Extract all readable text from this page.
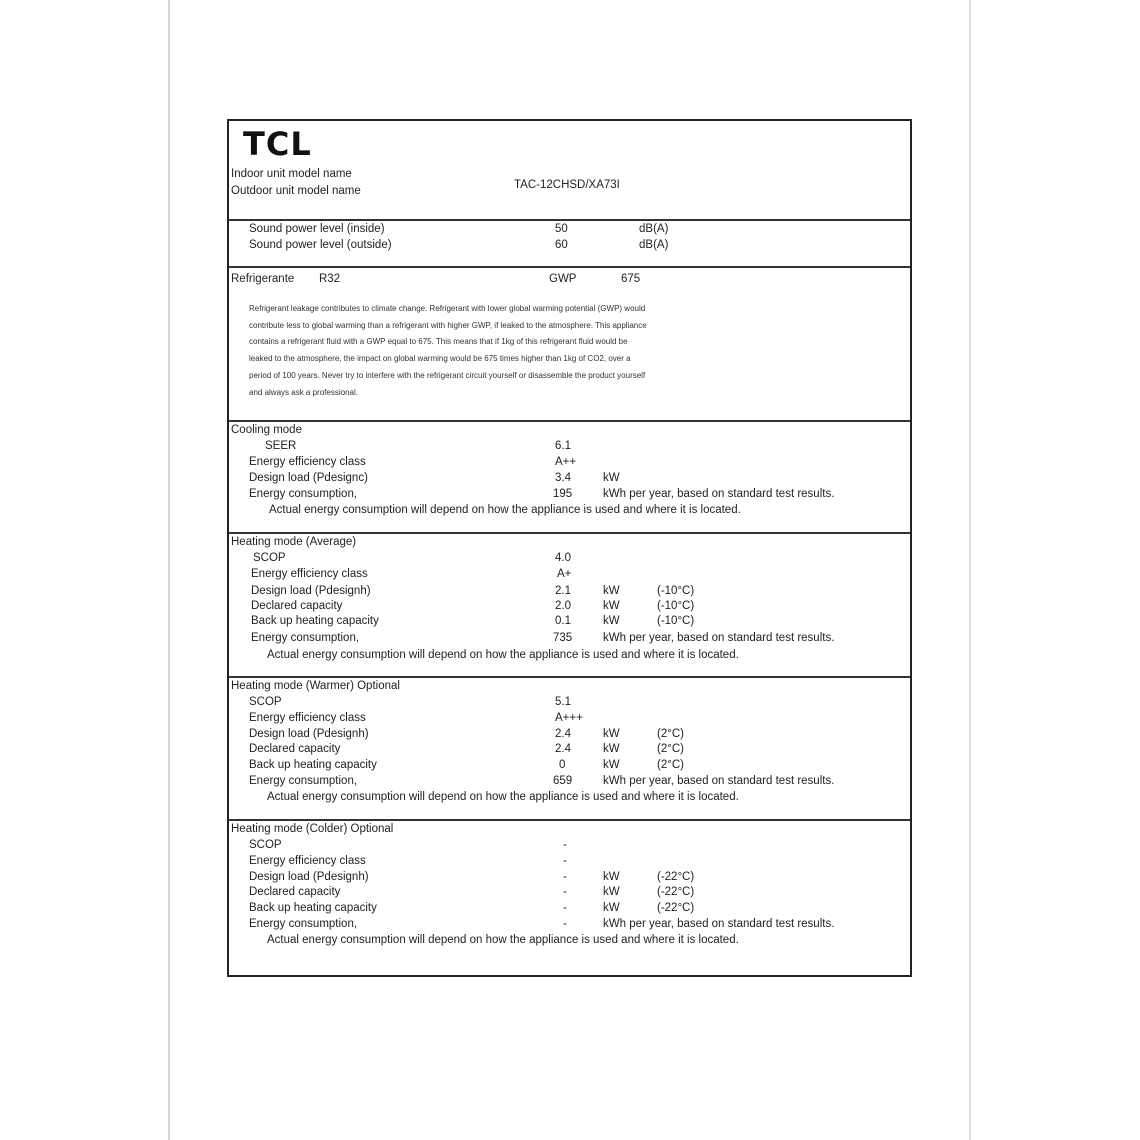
TCL
Indoor unit model name
Outdoor unit model name	TAC-12CHSD/XA73I
Sound power level (inside)	50	dB(A)
Sound power level (outside)	60	dB(A)
Refrigerante R32	GWP	675
Refrigerant leakage contributes to climate change. Refrigerant with lower global warming potential (GWP) would
contribute less to global warming than a refrigerant with higher GWP, if leaked to the atmosphere. This appliance
contains a refrigerant fluid with a GWP equal to 675. This means that if 1kg of this refrigerant fluid would be
leaked to the atmosphere, the impact on global warming would be 675 times higher than 1kg of CO2, over a
period of 100 years. Never try to interfere with the refrigerant circuit yourself or disassemble the product yourself
and always ask a professional.
Cooling mode
SEER	6.1
Energy efficiency class	A++
Design load (Pdesignc)	3.4	kW
Energy consumption,	195	kWh per year, based on standard test results.
Actual energy consumption will depend on how the appliance is used and where it is located.
Heating mode (Average)
SCOP	4.0
Energy efficiency class	A+
Design load (Pdesignh)	2.1	kW	(-10°C)
Declared capacity	2.0	kW	(-10°C)
Back up heating capacity	0.1	kW	(-10°C)
Energy consumption,	735	kWh per year, based on standard test results.
Actual energy consumption will depend on how the appliance is used and where it is located.
Heating mode (Warmer) Optional
SCOP	5.1
Energy efficiency class	A+++
Design load (Pdesignh)	2.4	kW	(2°C)
Declared capacity	2.4	kW	(2°C)
Back up heating capacity	0	kW	(2°C)
Energy consumption,	659	kWh per year, based on standard test results.
Actual energy consumption will depend on how the appliance is used and where it is located.
Heating mode (Colder) Optional
SCOP	-
Energy efficiency class	-
Design load (Pdesignh)	-	kW	(-22°C)
Declared capacity	-	kW	(-22°C)
Back up heating capacity	-	kW	(-22°C)
Energy consumption,	-	kWh per year, based on standard test results.
Actual energy consumption will depend on how the appliance is used and where it is located.
